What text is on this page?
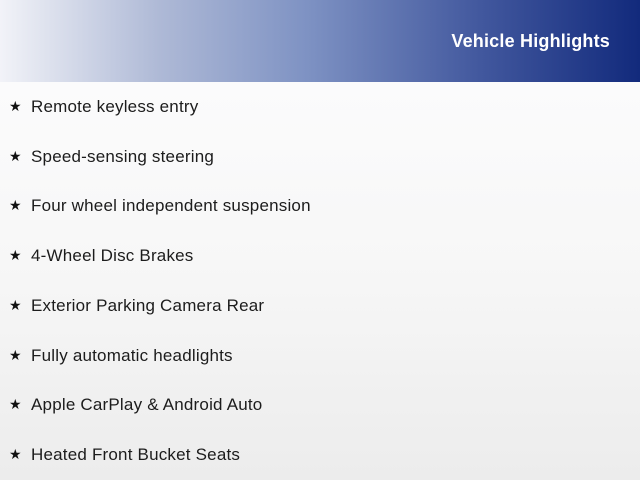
Vehicle Highlights
★ Remote keyless entry
★ Speed-sensing steering
★ Four wheel independent suspension
★ 4-Wheel Disc Brakes
★ Exterior Parking Camera Rear
★ Fully automatic headlights
★ Apple CarPlay & Android Auto
★ Heated Front Bucket Seats
